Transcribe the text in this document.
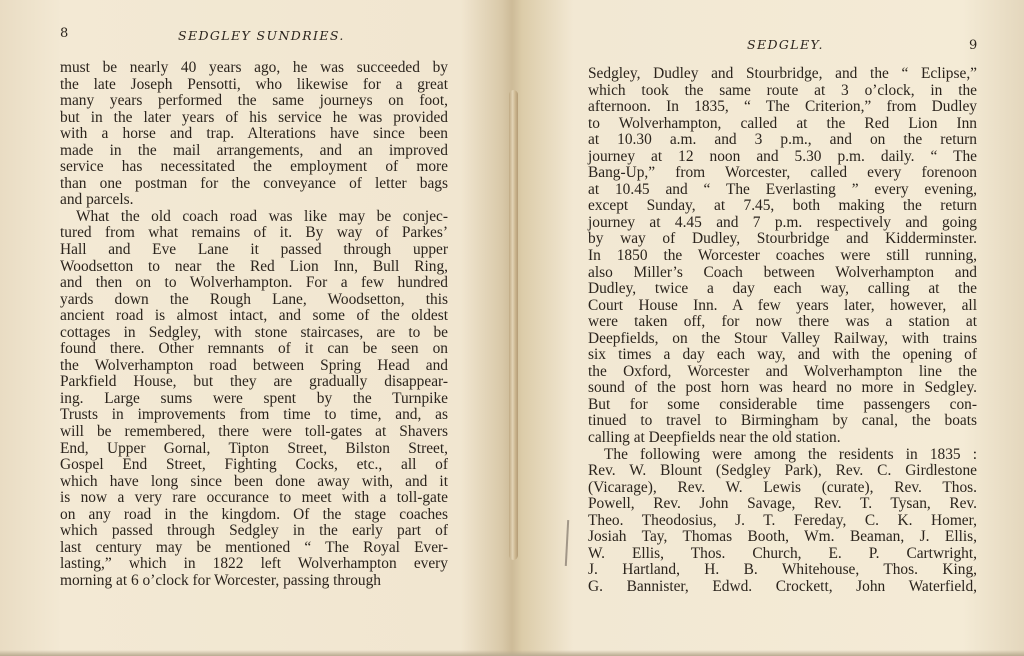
8	SEDGLEY SUNDRIES.
must be nearly 40 years ago, he was succeeded by
the late Joseph Pensotti, who likewise for a great
many years performed the same journeys on foot,
but in the later years of his service he was provided
with a horse and trap. Alterations have since been
made in the mail arrangements, and an improved
service has necessitated the employment of more
than one postman for the conveyance of letter bags
and parcels.
What the old coach road was like may be conjec-
tured from what remains of it. By way of Parkes’
Hall and Eve Lane it passed through upper
Woodsetton to near the Red Lion Inn, Bull Ring,
and then on to Wolverhampton. For a few hundred
yards down the Rough Lane, Woodsetton, this
ancient road is almost intact, and some of the oldest
cottages in Sedgley, with stone staircases, are to be
found there. Other remnants of it can be seen on
the Wolverhampton road between Spring Head and
Parkfield House, but they are gradually disappear-
ing. Large sums were spent by the Turnpike
Trusts in improvements from time to time, and, as
will be remembered, there were toll-gates at Shavers
End, Upper Gornal, Tipton Street, Bilston Street,
Gospel End Street, Fighting Cocks, etc., all of
which have long since been done away with, and it
is now a very rare occurance to meet with a toll-gate
on any road in the kingdom. Of the stage coaches
which passed through Sedgley in the early part of
last century may be mentioned “ The Royal Ever-
lasting,” which in 1822 left Wolverhampton every
morning at 6 o’clock for Worcester, passing through
SEDGLEY.	9
Sedgley, Dudley and Stourbridge, and the “ Eclipse,”
which took the same route at 3 o’clock, in the
afternoon. In 1835, “ The Criterion,” from Dudley
to Wolverhampton, called at the Red Lion Inn
at 10.30 a.m. and 3 p.m., and on the return
journey at 12 noon and 5.30 p.m. daily. “ The
Bang-Up,” from Worcester, called every forenoon
at 10.45 and “ The Everlasting ” every evening,
except Sunday, at 7.45, both making the return
journey at 4.45 and 7 p.m. respectively and going
by way of Dudley, Stourbridge and Kidderminster.
In 1850 the Worcester coaches were still running,
also Miller’s Coach between Wolverhampton and
Dudley, twice a day each way, calling at the
Court House Inn. A few years later, however, all
were taken off, for now there was a station at
Deepfields, on the Stour Valley Railway, with trains
six times a day each way, and with the opening of
the Oxford, Worcester and Wolverhampton line the
sound of the post horn was heard no more in Sedgley.
But for some considerable time passengers con-
tinued to travel to Birmingham by canal, the boats
calling at Deepfields near the old station.
The following were among the residents in 1835 :
Rev. W. Blount (Sedgley Park), Rev. C. Girdlestone
(Vicarage), Rev. W. Lewis (curate), Rev. Thos.
Powell, Rev. John Savage, Rev. T. Tysan, Rev.
Theo. Theodosius, J. T. Fereday, C. K. Homer,
Josiah Tay, Thomas Booth, Wm. Beaman, J. Ellis,
W. Ellis, Thos. Church, E. P. Cartwright,
J. Hartland, H. B. Whitehouse, Thos. King,
G. Bannister, Edwd. Crockett, John Waterfield,
